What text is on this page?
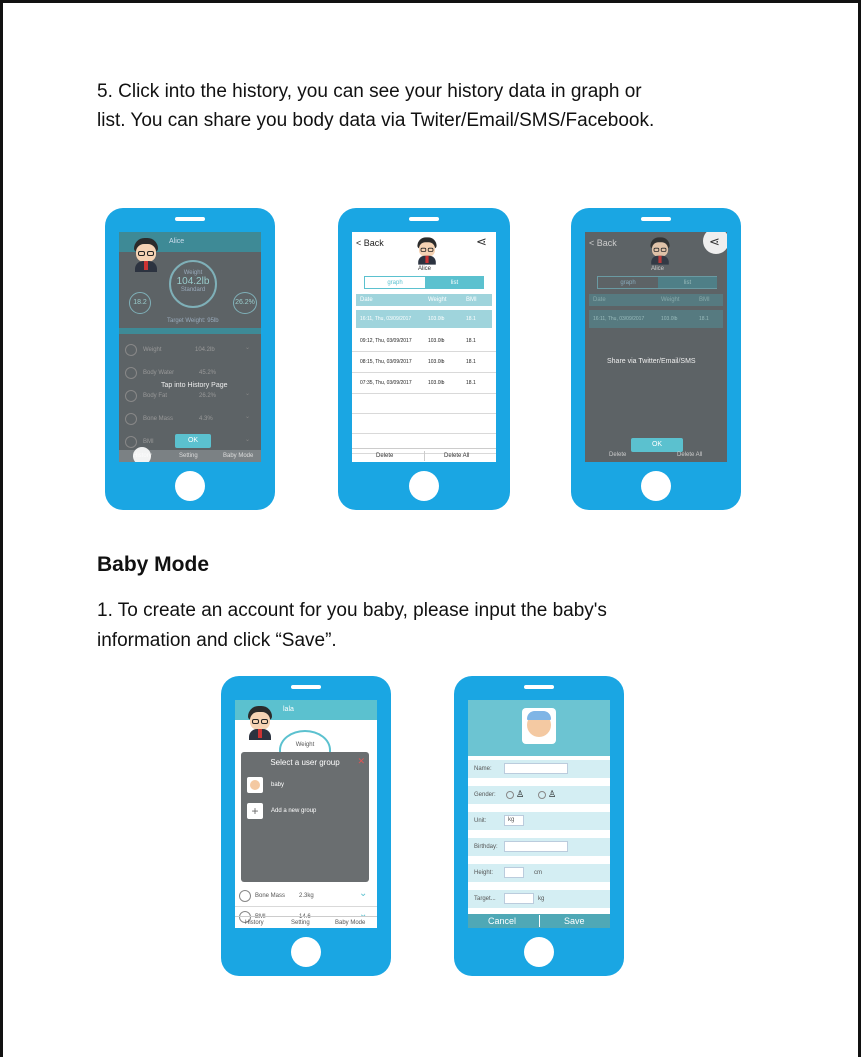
5. Click into the history, you can see your history data in graph or
list. You can share you body data via Twiter/Email/SMS/Facebook.
Alice
Weight
104.2lb
Standard
18.2	26.2%
Target Weight: 95lb
Weight	104.2lb	⌄
Body Water	45.2%
Body Fat	26.2%	⌄
Bone Mass	4.3%	⌄
BMI	⌄
Tap into History Page
OK
Setting	Baby Mode
< Back
Alice
⋖
graph	list
Date	Weight	BMI
16:11, Thu, 03/09/2017	103.0lb	18.1
09:12, Thu, 03/09/2017	103.0lb	18.1
08:15, Thu, 03/09/2017	103.0lb	18.1
07:35, Thu, 03/09/2017	103.0lb	18.1
Delete	Delete All
< Back
Alice
⋖
graph	list
Date	Weight	BMI
16:11, Thu, 03/09/2017	103.0lb	18.1
Share via Twitter/Email/SMS
OK
Delete	Delete All
Baby Mode
1. To create an account for you baby, please input the baby's
information and click “Save”.
lala
Weight
Select a user group	✕
baby
+	Add a new group
Bone Mass 2.3kg	⌄
BMI	14.6	⌄
History	Setting	Baby Mode
Name:
Gender: ♙	♙
Unit:	kg
Birthday:
Height:	cm
Target...	kg
Cancel	Save
